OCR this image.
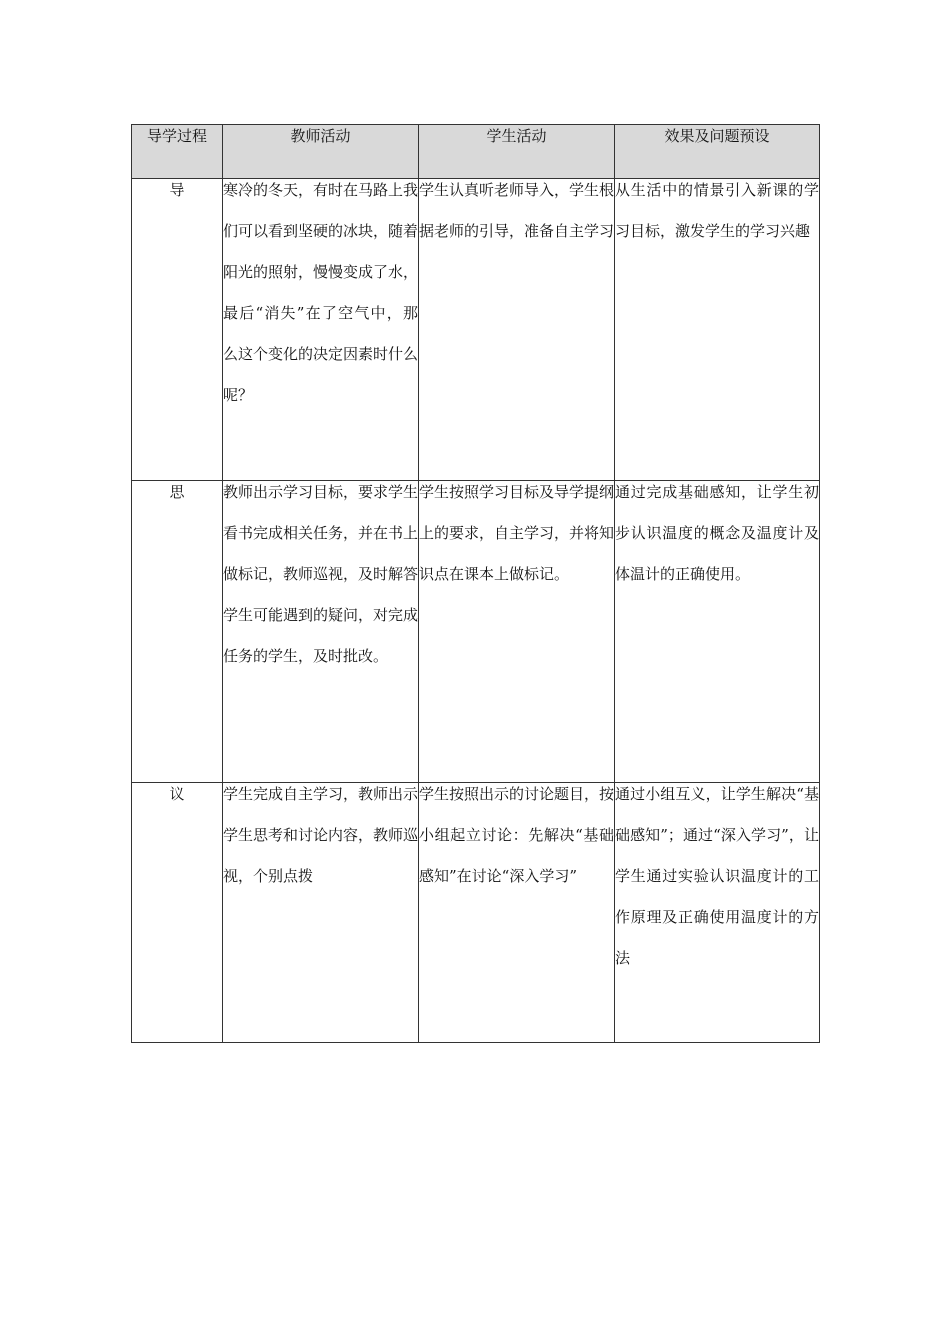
导学过程	教师活动	学生活动	效果及问题预设
导	寒冷的冬天，有时在马路上我们可以看到坚硬的冰块，随着阳光的照射，慢慢变成了水，最后“消失”在了空气中，那么这个变化的决定因素时什么呢？	学生认真听老师导入，学生根据老师的引导，准备自主学习	从生活中的情景引入新课的学习目标，激发学生的学习兴趣

思	教师出示学习目标，要求学生看书完成相关任务，并在书上做标记，教师巡视，及时解答学生可能遇到的疑问，对完成任务的学生，及时批改。	学生按照学习目标及导学提纲上的要求，自主学习，并将知识点在课本上做标记。	通过完成基础感知，让学生初步认识温度的概念及温度计及体温计的正确使用。

议	学生完成自主学习，教师出示学生思考和讨论内容，教师巡视，个别点拨	学生按照出示的讨论题目，按小组起立讨论：先解决“基础感知”在讨论“深入学习”	通过小组互义，让学生解决“基础感知”；通过“深入学习”，让学生通过实验认识温度计的工作原理及正确使用温度计的方法
